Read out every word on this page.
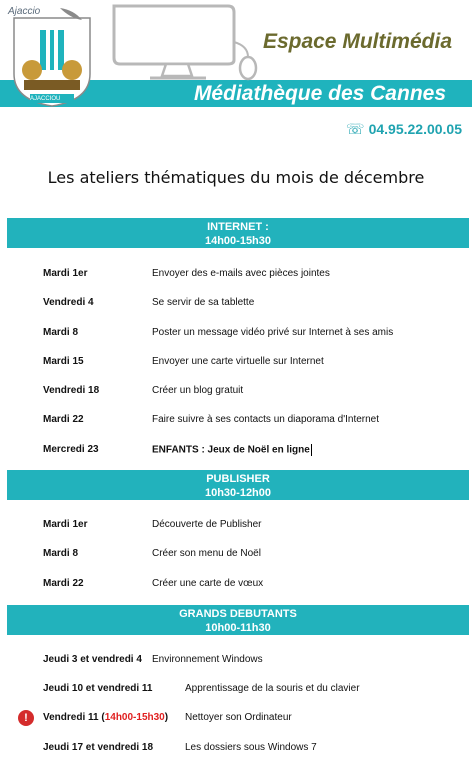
Ajaccio
AJACCIOU
Espace Multimédia
Médiathèque des Cannes
☏ 04.95.22.00.05
Les ateliers thématiques du mois de décembre
INTERNET :
14h00-15h30
Mardi 1er	Envoyer des e-mails avec pièces jointes
Vendredi 4	Se servir de sa tablette
Mardi 8	Poster un message vidéo privé sur Internet à ses amis
Mardi 15	Envoyer une carte virtuelle sur Internet
Vendredi 18	Créer un blog gratuit
Mardi 22	Faire suivre à ses contacts un diaporama d'Internet
Mercredi 23	ENFANTS : Jeux de Noël en ligne
PUBLISHER
10h30-12h00
Mardi 1er	Découverte de Publisher
Mardi 8	Créer son menu de Noël
Mardi 22	Créer une carte de vœux
GRANDS DEBUTANTS
10h00-11h30
Jeudi 3 et vendredi 4 Environnement Windows
Jeudi 10 et vendredi 11	Apprentissage de la souris et du clavier
!	Vendredi 11 (14h00-15h30) Nettoyer son Ordinateur
Jeudi 17 et vendredi 18	Les dossiers sous Windows 7
